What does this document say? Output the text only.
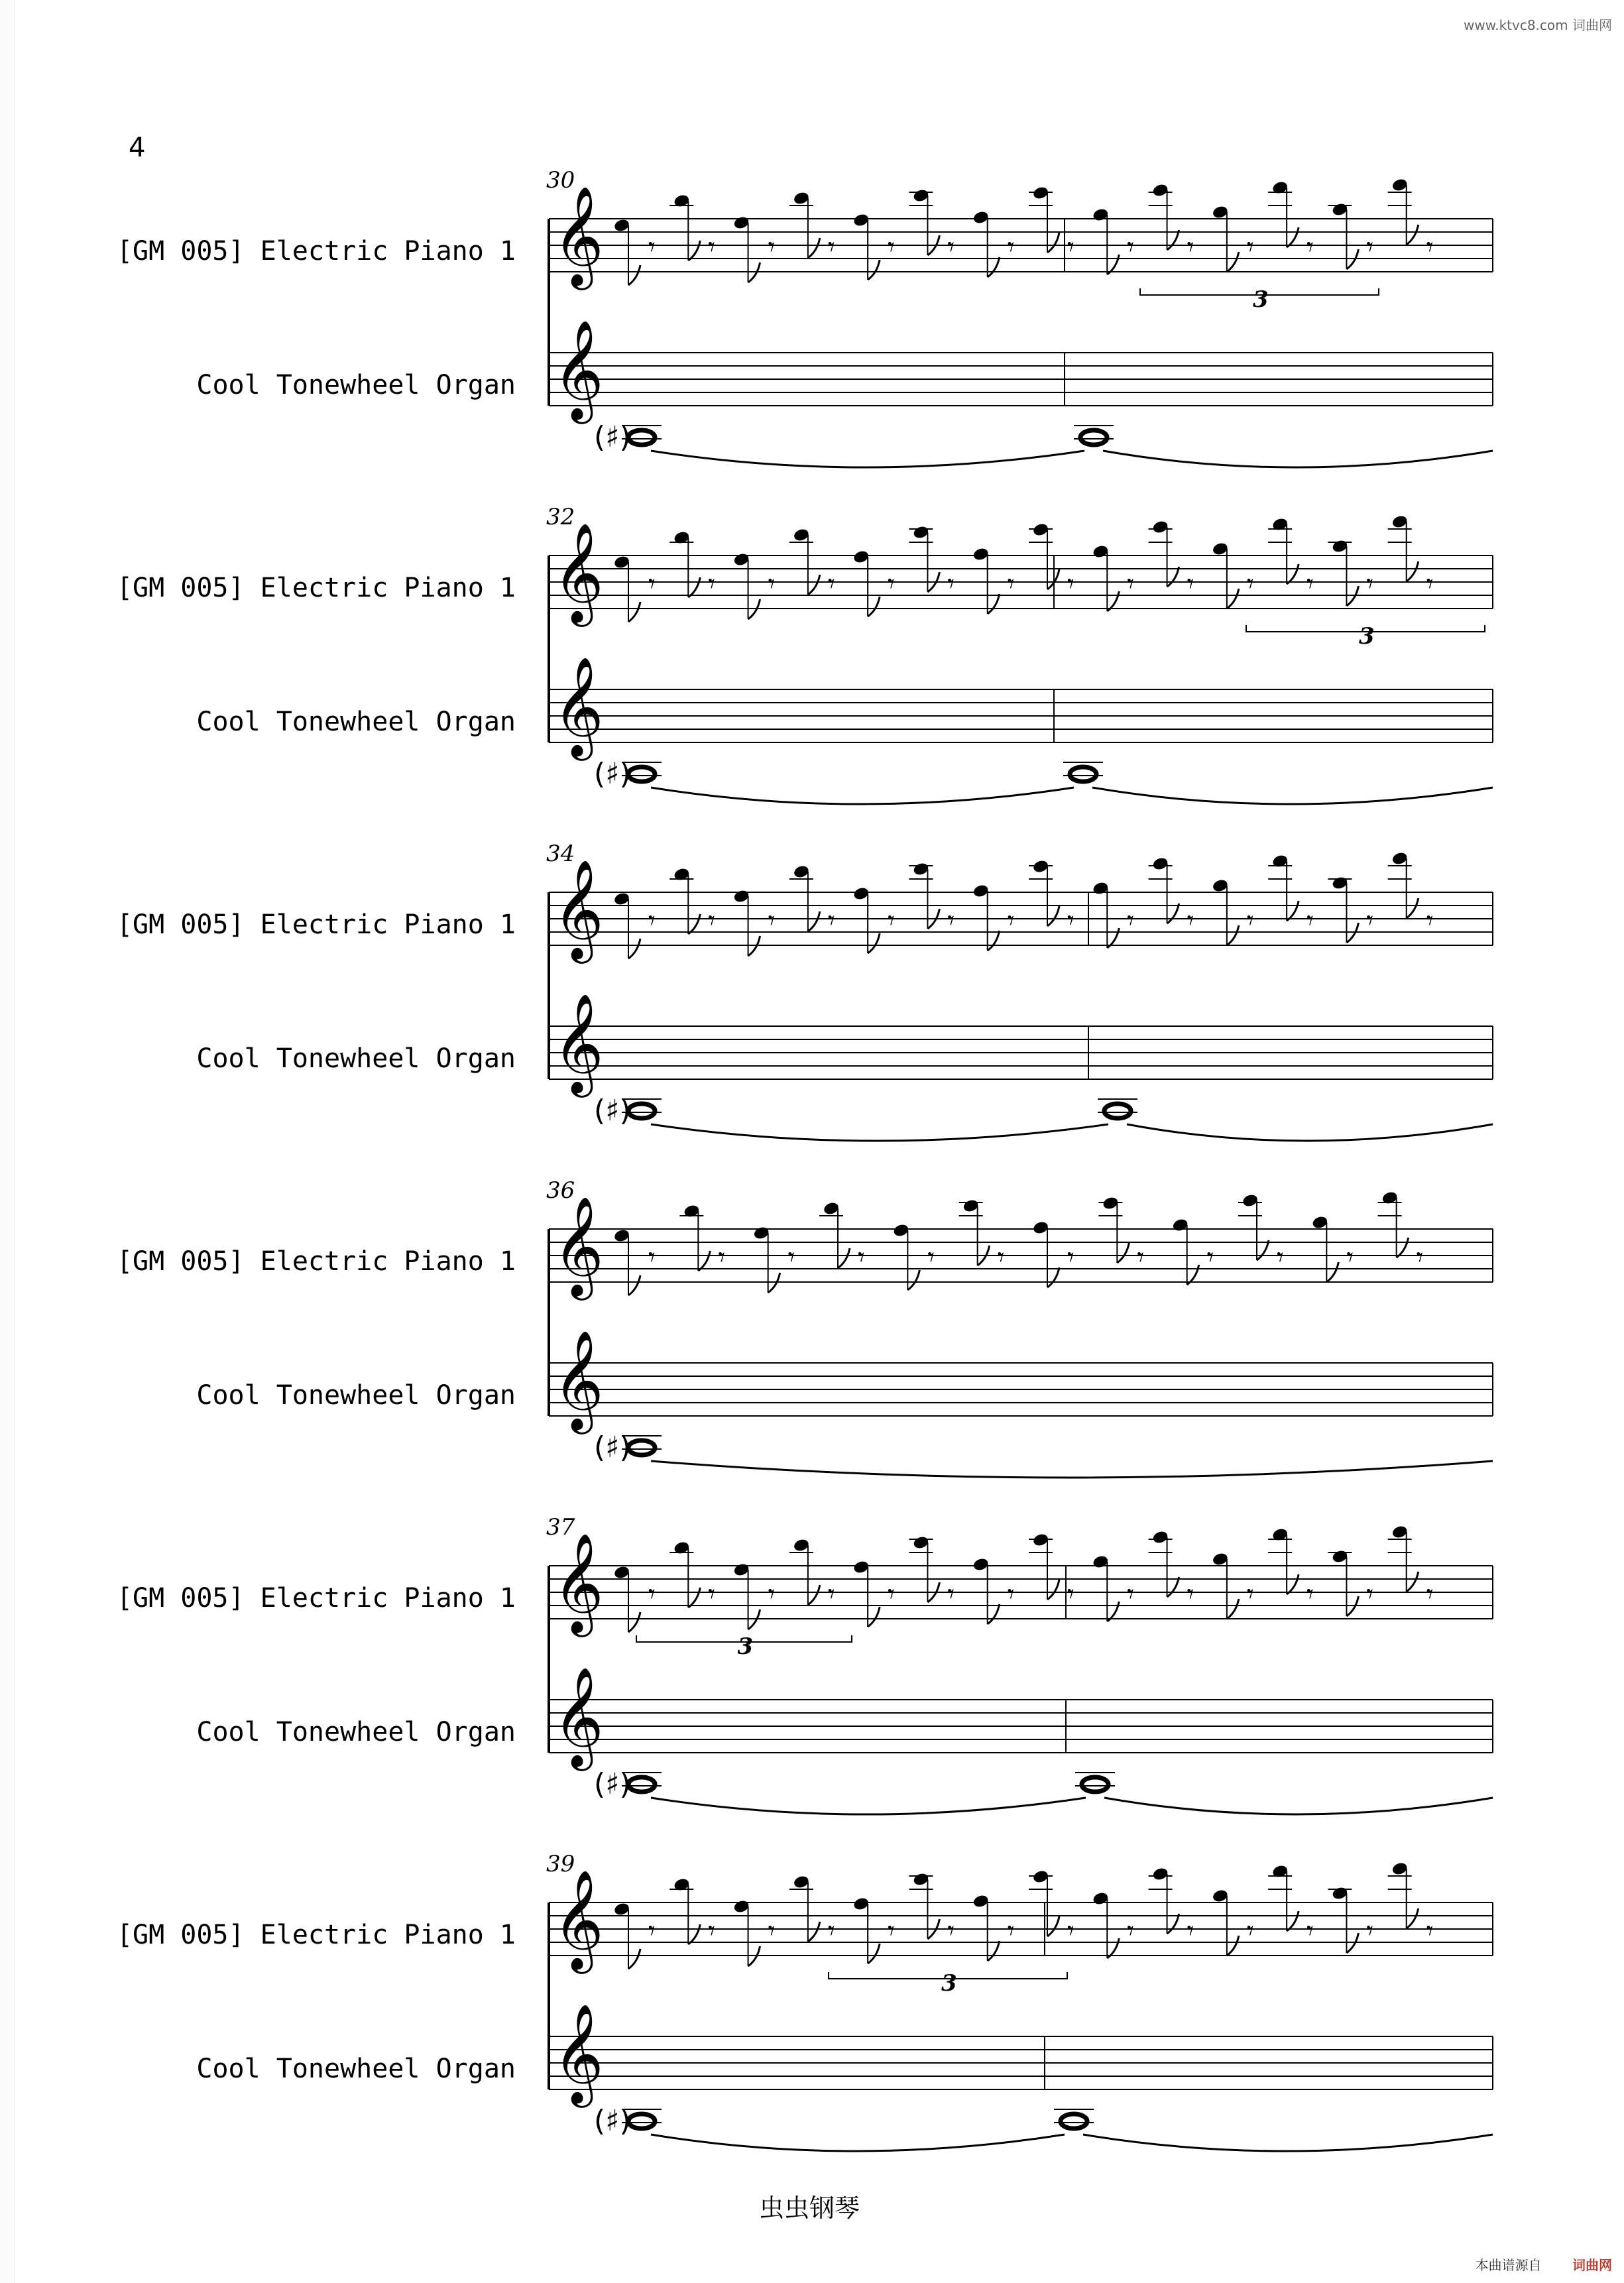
www.ktvc8.com 词曲网
4
[GM 005] Electric Piano 1
Cool Tonewheel Organ
30
𝄞
𝄞
𝄾 𝄾 𝄾 𝄾 𝄾 𝄾 𝄾 𝄾 𝄾 𝄾 𝄾 𝄾 𝄾 𝄾
3
(♯)
[GM 005] Electric Piano 1
Cool Tonewheel Organ
32
𝄞
𝄞
𝄾 𝄾 𝄾 𝄾 𝄾 𝄾 𝄾 𝄾 𝄾 𝄾 𝄾 𝄾 𝄾 𝄾
3
(♯)
[GM 005] Electric Piano 1
Cool Tonewheel Organ
34
𝄞
𝄞
𝄾 𝄾 𝄾 𝄾 𝄾 𝄾 𝄾 𝄾 𝄾 𝄾 𝄾 𝄾 𝄾 𝄾
(♯)
[GM 005] Electric Piano 1
Cool Tonewheel Organ
36
𝄞
𝄞
𝄾 𝄾 𝄾 𝄾 𝄾 𝄾 𝄾 𝄾 𝄾 𝄾 𝄾 𝄾
(♯)
[GM 005] Electric Piano 1
Cool Tonewheel Organ
37
𝄞
𝄞
𝄾 𝄾 𝄾 𝄾 𝄾 𝄾 𝄾 𝄾 𝄾 𝄾 𝄾 𝄾 𝄾 𝄾
3
(♯)
[GM 005] Electric Piano 1
Cool Tonewheel Organ
39
𝄞
𝄞
𝄾 𝄾 𝄾 𝄾 𝄾 𝄾 𝄾 𝄾 𝄾 𝄾 𝄾 𝄾 𝄾 𝄾
3
(♯)
虫虫钢琴
本曲谱源自 词曲网
